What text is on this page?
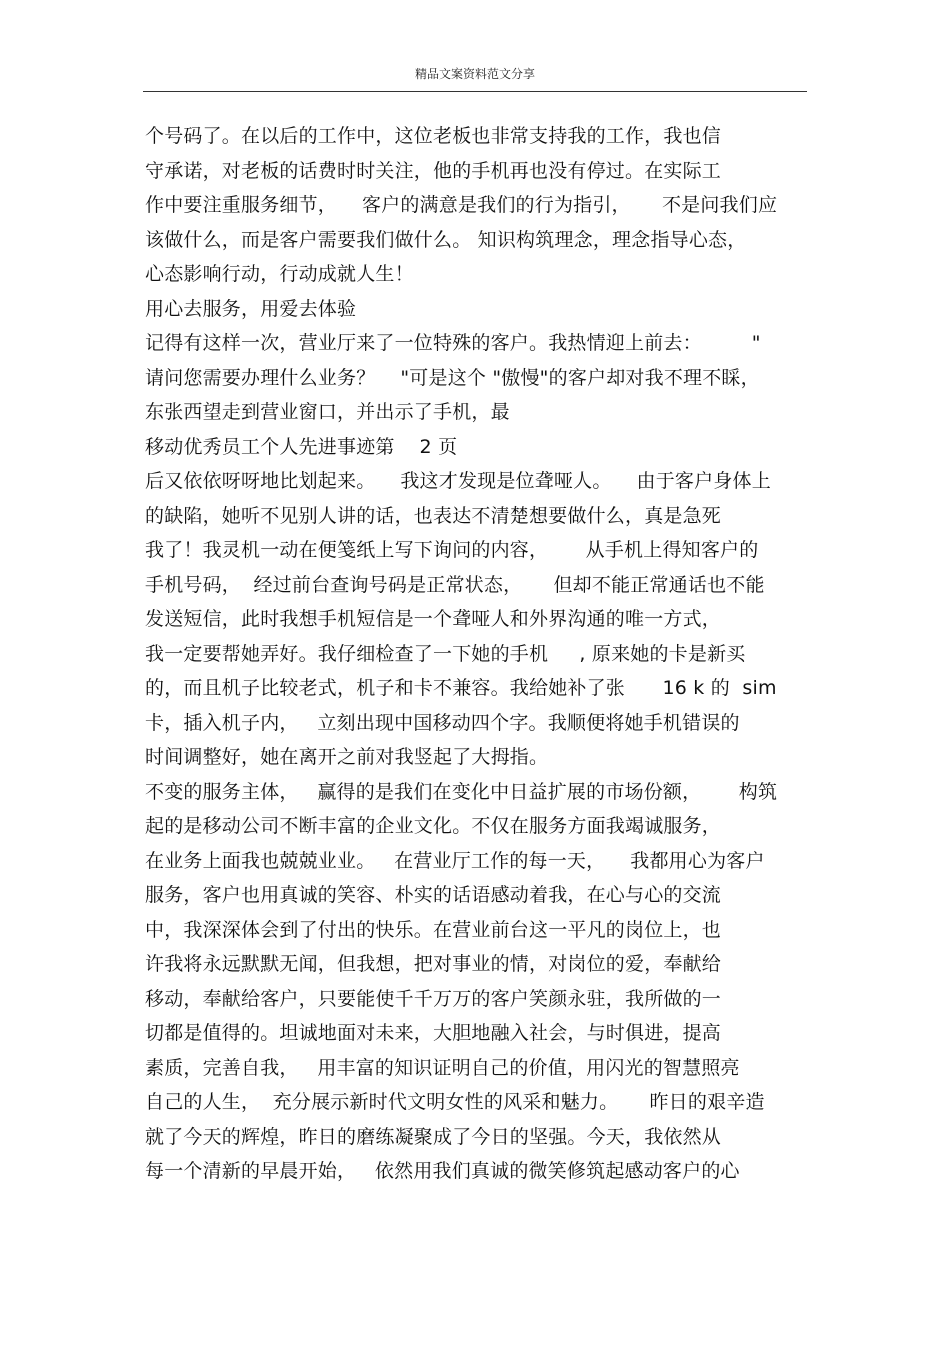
精品文案资料范文分享
个号码了。在以后的工作中，这位老板也非常支持我的工作，我也信
守承诺，对老板的话费时时关注，他的手机再也没有停过。在实际工
作中要注重服务细节，    客户的满意是我们的行为指引，     不是问我们应
该做什么，而是客户需要我们做什么。 知识构筑理念，理念指导心态，
心态影响行动，行动成就人生！
用心去服务，用爱去体验
记得有这样一次，营业厅来了一位特殊的客户。我热情迎上前去：        "
请问您需要办理什么业务？    "可是这个 "傲慢"的客户却对我不理不睬，
东张西望走到营业窗口，并出示了手机，最
移动优秀员工个人先进事迹第    2 页
后又依依呀呀地比划起来。    我这才发现是位聋哑人。    由于客户身体上
的缺陷，她听不见别人讲的话，也表达不清楚想要做什么，真是急死
我了！我灵机一动在便笺纸上写下询问的内容，      从手机上得知客户的
手机号码，  经过前台查询号码是正常状态，     但却不能正常通话也不能
发送短信，此时我想手机短信是一个聋哑人和外界沟通的唯一方式，
我一定要帮她弄好。我仔细检查了一下她的手机     , 原来她的卡是新买
的，而且机子比较老式，机子和卡不兼容。我给她补了张      16 k 的  sim
卡，插入机子内，   立刻出现中国移动四个字。我顺便将她手机错误的
时间调整好，她在离开之前对我竖起了大拇指。
不变的服务主体，   赢得的是我们在变化中日益扩展的市场份额，      构筑
起的是移动公司不断丰富的企业文化。不仅在服务方面我竭诚服务，
在业务上面我也兢兢业业。   在营业厅工作的每一天，    我都用心为客户
服务，客户也用真诚的笑容、朴实的话语感动着我，在心与心的交流
中，我深深体会到了付出的快乐。在营业前台这一平凡的岗位上，也
许我将永远默默无闻，但我想，把对事业的情，对岗位的爱，奉献给
移动，奉献给客户，只要能使千千万万的客户笑颜永驻，我所做的一
切都是值得的。坦诚地面对未来，大胆地融入社会，与时俱进，提高
素质，完善自我，   用丰富的知识证明自己的价值，用闪光的智慧照亮
自己的人生，  充分展示新时代文明女性的风采和魅力。     昨日的艰辛造
就了今天的辉煌，昨日的磨练凝聚成了今日的坚强。今天，我依然从
每一个清新的早晨开始，   依然用我们真诚的微笑修筑起感动客户的心
